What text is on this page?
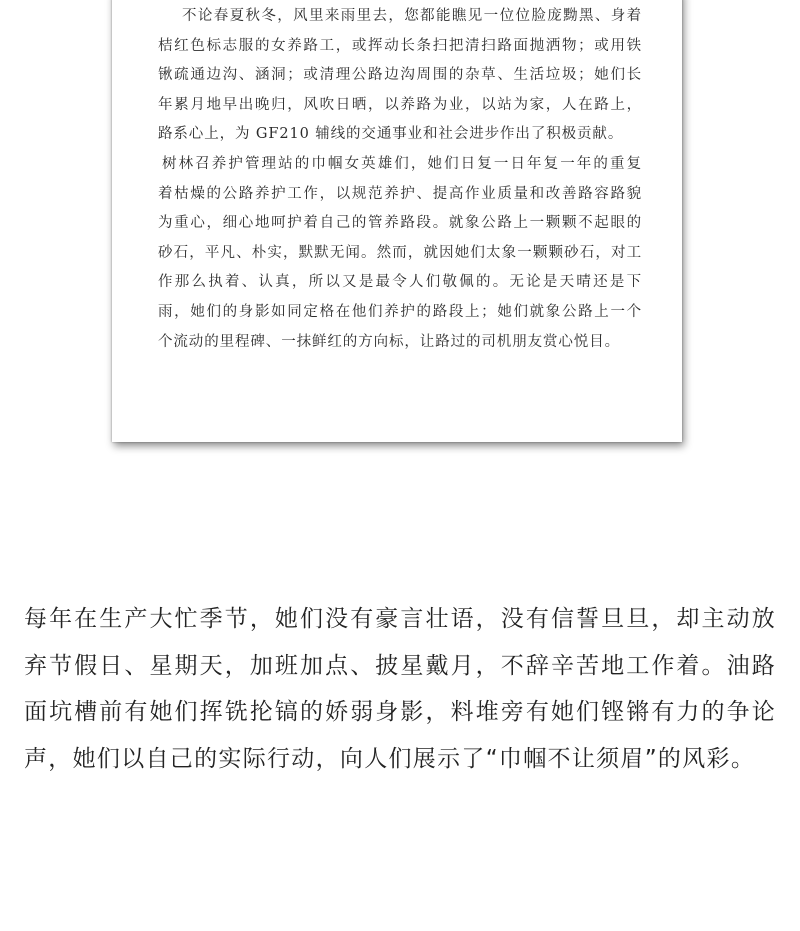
不论春夏秋冬，风里来雨里去，您都能瞧见一位位脸庞黝黑、身着
桔红色标志服的女养路工，或挥动长条扫把清扫路面抛洒物；或用铁
锹疏通边沟、涵洞；或清理公路边沟周围的杂草、生活垃圾；她们长
年累月地早出晚归，风吹日晒，以养路为业，以站为家，人在路上，
路系心上，为 GF210 辅线的交通事业和社会进步作出了积极贡献。
树林召养护管理站的巾帼女英雄们，她们日复一日年复一年的重复
着枯燥的公路养护工作，以规范养护、提高作业质量和改善路容路貌
为重心，细心地呵护着自己的管养路段。就象公路上一颗颗不起眼的
砂石，平凡、朴实，默默无闻。然而，就因她们太象一颗颗砂石，对工
作那么执着、认真，所以又是最令人们敬佩的。无论是天晴还是下
雨，她们的身影如同定格在他们养护的路段上；她们就象公路上一个
个流动的里程碑、一抹鲜红的方向标，让路过的司机朋友赏心悦目。
每年在生产大忙季节，她们没有豪言壮语，没有信誓旦旦，却主动放
弃节假日、星期天，加班加点、披星戴月，不辞辛苦地工作着。油路
面坑槽前有她们挥铣抡镐的娇弱身影，料堆旁有她们铿锵有力的争论
声，她们以自己的实际行动，向人们展示了“巾帼不让须眉”的风彩。
